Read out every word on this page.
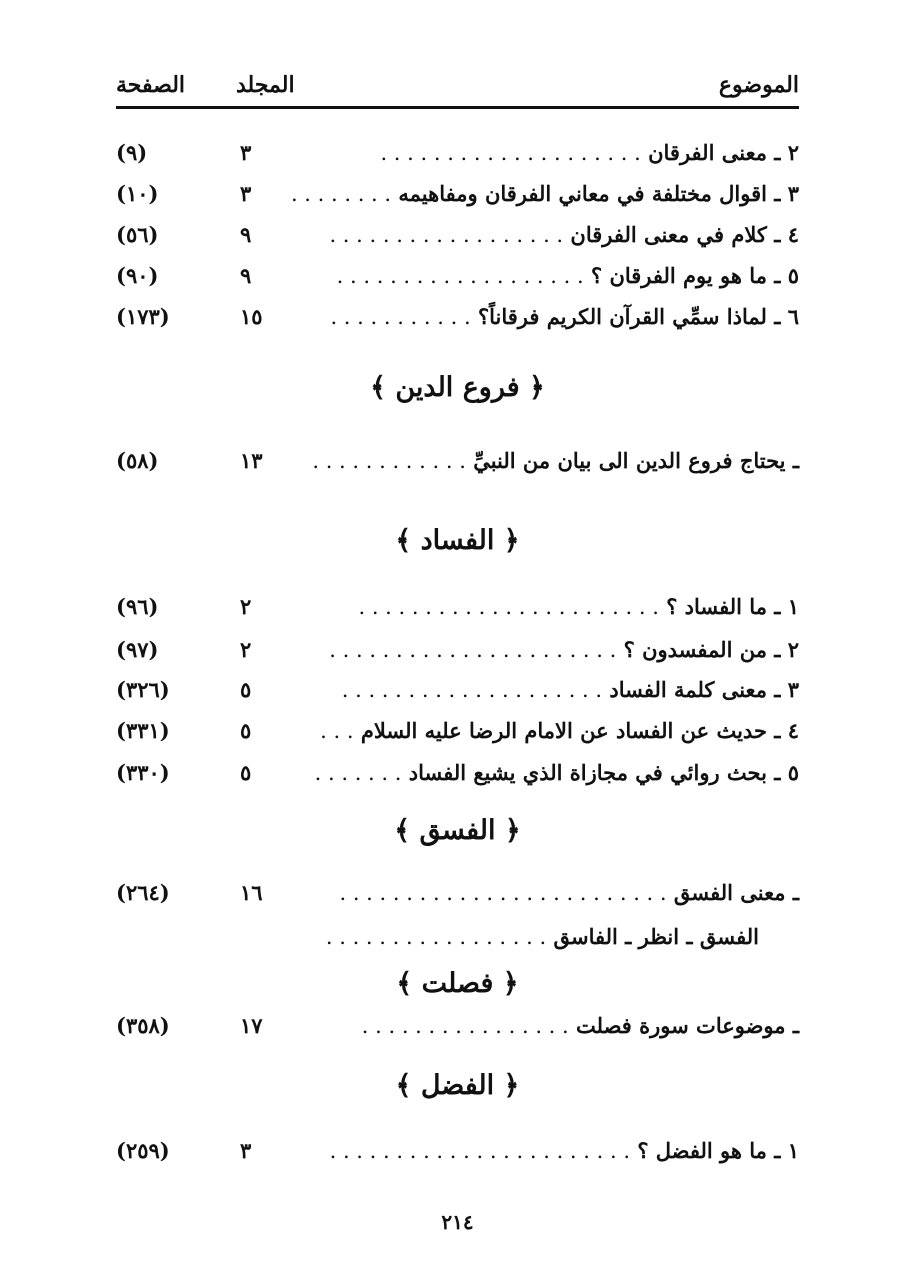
الموضوع
المجلد
الصفحة
٢ ـ معنى الفرقان . . . . . . . . . . . . . . . . . . . .
٣
(٩)
٣ ـ اقوال مختلفة في معاني الفرقان ومفاهيمه . . . . . . . .
٣
(١٠)
٤ ـ كلام في معنى الفرقان . . . . . . . . . . . . . . . . . .
٩
(٥٦)
٥ ـ ما هو يوم الفرقان ؟ . . . . . . . . . . . . . . . . . . .
٩
(٩٠)
٦ ـ لماذا سمِّي القرآن الكريم فرقاناً؟ . . . . . . . . . . .
١٥
(١٧٣)
﴿ فروع الدين ﴾
ـ يحتاج فروع الدين الى بيان من النبيِّ . . . . . . . . . . . .
١٣
(٥٨)
﴿ الفساد ﴾
١ ـ ما الفساد ؟ . . . . . . . . . . . . . . . . . . . . . . .
٢
(٩٦)
٢ ـ من المفسدون ؟ . . . . . . . . . . . . . . . . . . . . . .
٢
(٩٧)
٣ ـ معنى كلمة الفساد . . . . . . . . . . . . . . . . . . . .
٥
(٣٢٦)
٤ ـ حديث عن الفساد عن الامام الرضا عليه السلام . . .
٥
(٣٣١)
٥ ـ بحث روائي في مجازاة الذي يشيع الفساد . . . . . . .
٥
(٣٣٠)
﴿ الفسق ﴾
ـ معنى الفسق . . . . . . . . . . . . . . . . . . . . . . . . .
١٦
(٢٦٤)
الفسق ـ انظر ـ الفاسق . . . . . . . . . . . . . . . . .
﴿ فصلت ﴾
ـ موضوعات سورة فصلت . . . . . . . . . . . . . . . .
١٧
(٣٥٨)
﴿ الفضل ﴾
١ ـ ما هو الفضل ؟ . . . . . . . . . . . . . . . . . . . . . . .
٣
(٢٥٩)
٢١٤
